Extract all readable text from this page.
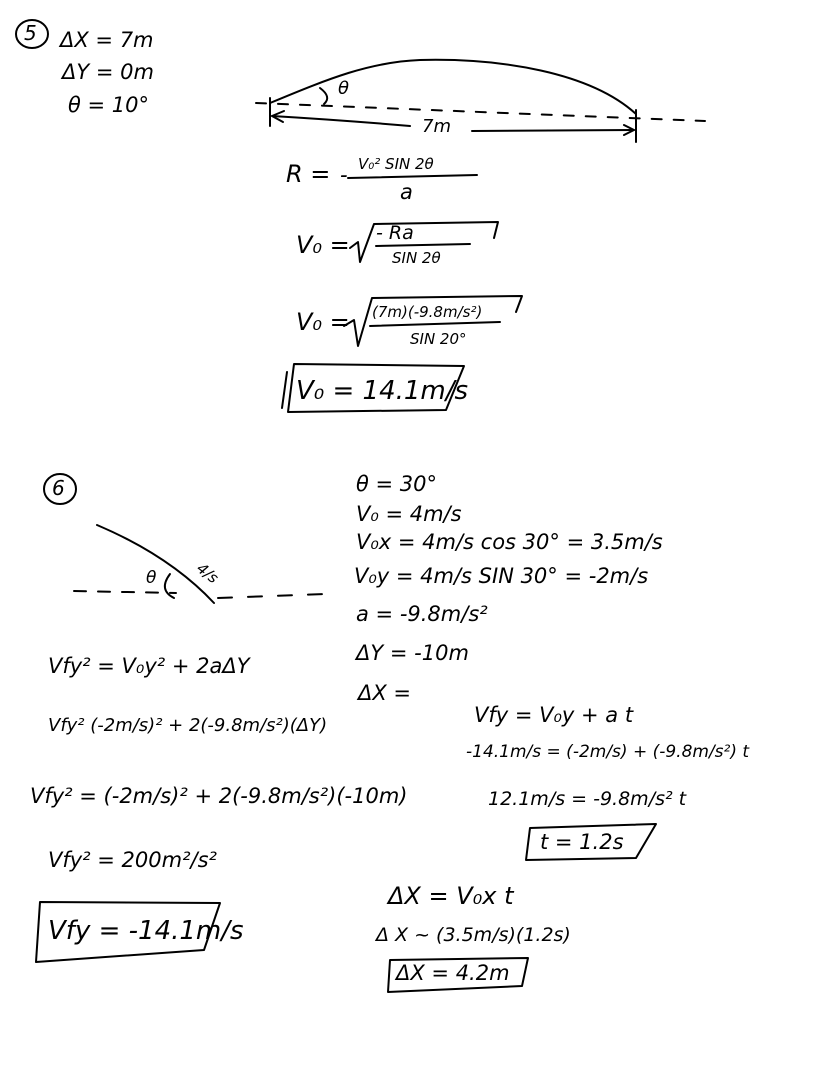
5 ΔX = 7m
ΔY = 0m
θ = 10°
θ
7m
R = - V₀² SIN 2θ
a
V₀ = - Ra
SIN 2θ
V₀ = (7m)(-9.8m/s²)
SIN 20°
V₀ = 14.1m/s
6
θ 4/s
θ = 30°
V₀ = 4m/s
V₀x = 4m/s cos 30° = 3.5m/s
V₀y = 4m/s SIN 30° = -2m/s
a = -9.8m/s²
ΔY = -10m
ΔX =
Vfy² = V₀y² + 2aΔY
Vfy² (-2m/s)² + 2(-9.8m/s²)(ΔY)
Vfy² = (-2m/s)² + 2(-9.8m/s²)(-10m)
Vfy² = 200m²/s²
Vfy = -14.1m/s
Vfy = V₀y + a t
-14.1m/s = (-2m/s) + (-9.8m/s²) t
12.1m/s = -9.8m/s² t
t = 1.2s
ΔX = V₀x t
Δ X ~ (3.5m/s)(1.2s)
ΔX = 4.2m
